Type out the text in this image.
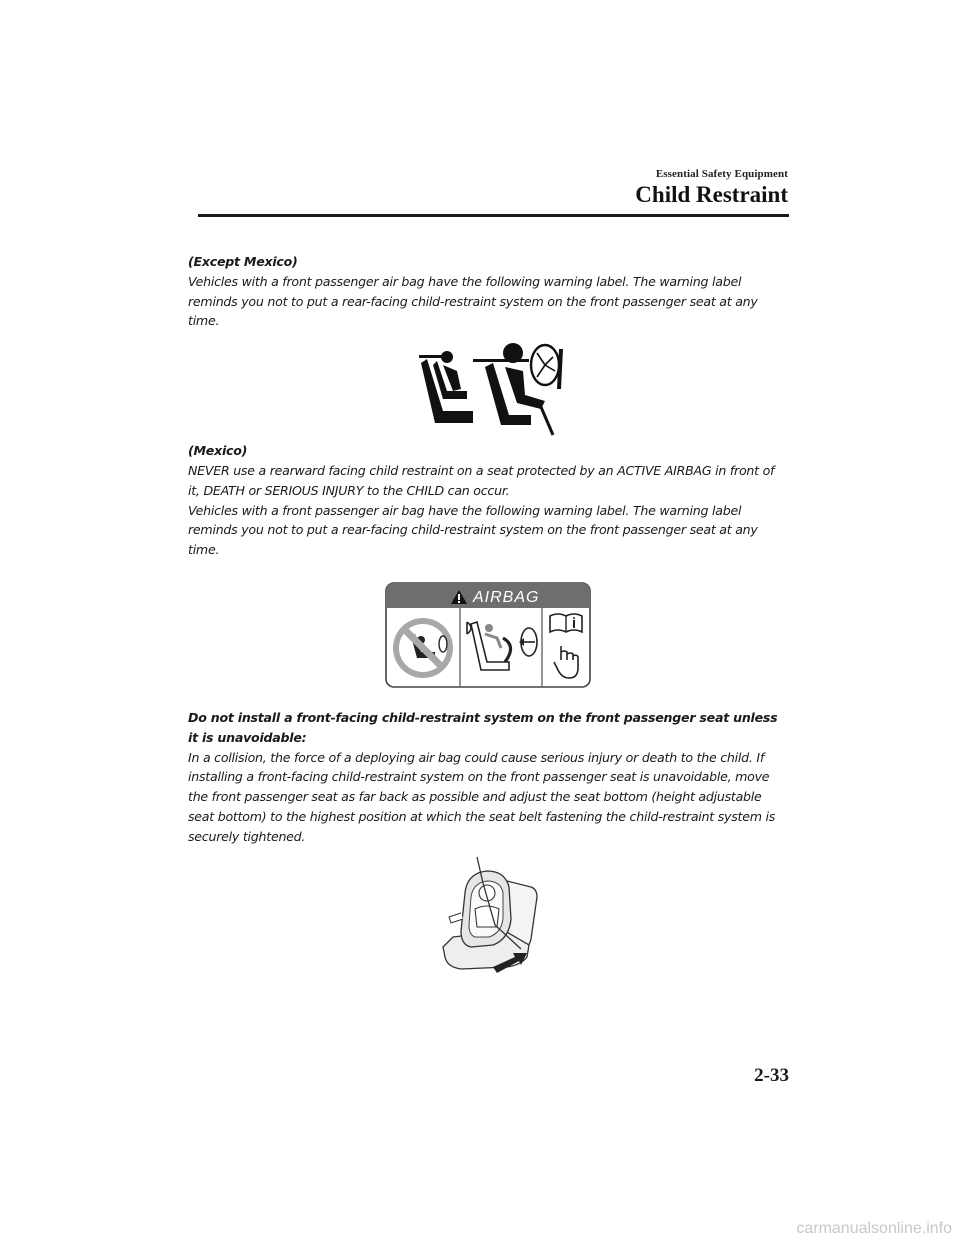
Essential Safety Equipment
Child Restraint

(Except Mexico)

Vehicles with a front passenger air bag have the following warning label. The warning label reminds you not to put a rear-facing child-restraint system on the front passenger seat at any time.

(Mexico)

NEVER use a rearward facing child restraint on a seat protected by an ACTIVE AIRBAG in front of it, DEATH or SERIOUS INJURY to the CHILD can occur.

Vehicles with a front passenger air bag have the following warning label. The warning label reminds you not to put a rear-facing child-restraint system on the front passenger seat at any time.

AIRBAG

Do not install a front-facing child-restraint system on the front passenger seat unless it is unavoidable:

In a collision, the force of a deploying air bag could cause serious injury or death to the child. If installing a front-facing child-restraint system on the front passenger seat is unavoidable, move the front passenger seat as far back as possible and adjust the seat bottom (height adjustable seat bottom) to the highest position at which the seat belt fastening the child-restraint system is securely tightened.

2-33
carmanualsonline.info
